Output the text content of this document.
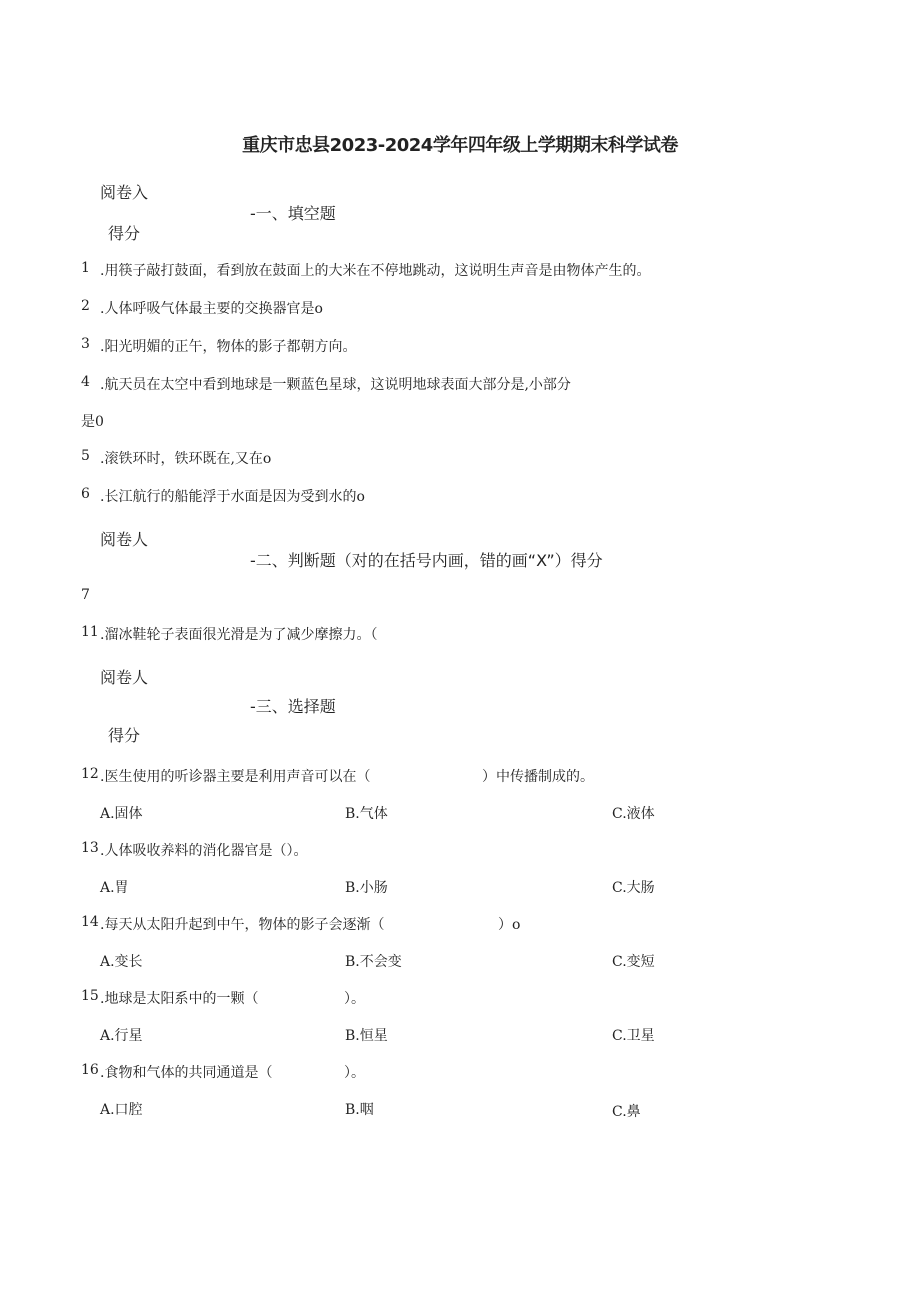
重庆市忠县2023-2024学年四年级上学期期末科学试卷
阅卷入
-一、填空题
得分
1 .用筷子敲打鼓面，看到放在鼓面上的大米在不停地跳动，这说明生声音是由物体产生的。
2 .人体呼吸气体最主要的交换器官是o
3 .阳光明媚的正午，物体的影子都朝方向。
4 .航天员在太空中看到地球是一颗蓝色星球，这说明地球表面大部分是,小部分
是0
5 .滚铁环时，铁环既在,又在o
6 .长江航行的船能浮于水面是因为受到水的o
阅卷人
-二、判断题（对的在括号内画，错的画“X”）得分
7
11 .溜冰鞋轮子表面很光滑是为了减少摩擦力。（
阅卷人
-三、选择题
得分
12 .医生使用的听诊器主要是利用声音可以在（	）中传播制成的。
A.固体	B.气体	C.液体
13 .人体吸收养料的消化器官是（）。
A.胃	B.小肠	C.大肠
14 .每天从太阳升起到中午，物体的影子会逐渐（	）o
A.变长	B.不会变	C.变短
15 .地球是太阳系中的一颗（	）。
A.行星	B.恒星	C.卫星
16 .食物和气体的共同通道是（	）。
A.口腔	B.咽	C.鼻
